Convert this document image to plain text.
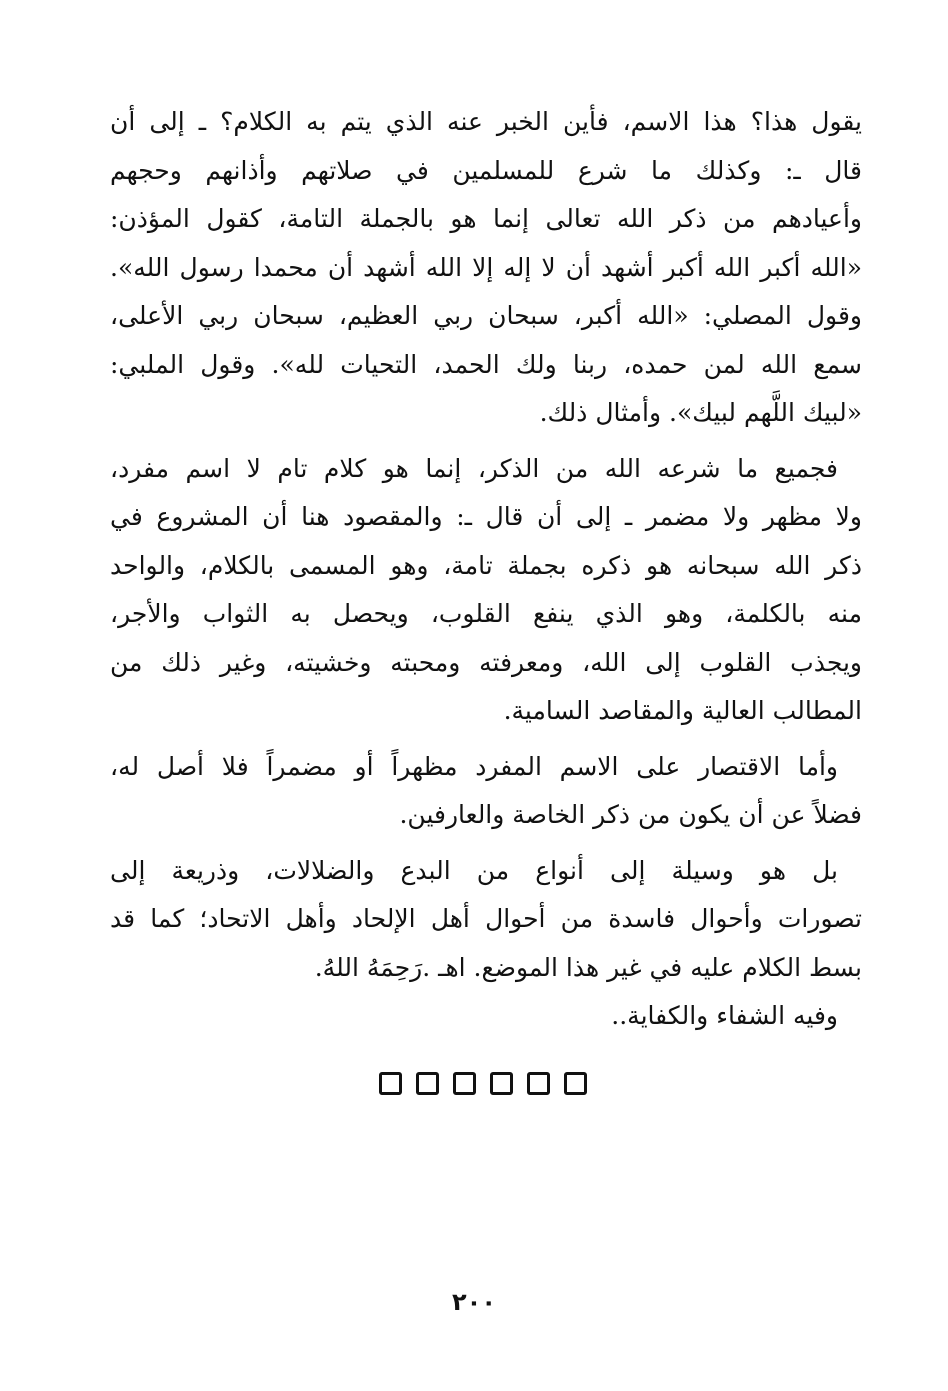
يقول هذا؟ هذا الاسم، فأين الخبر عنه الذي يتم به الكلام؟ ـ إلى أن
قال ـ: وكذلك ما شرع للمسلمين في صلاتهم وأذانهم وحجهم
وأعيادهم من ذكر الله تعالى إنما هو بالجملة التامة، كقول المؤذن:
«الله أكبر الله أكبر أشهد أن لا إله إلا الله أشهد أن محمدا رسول الله».
وقول المصلي: «الله أكبر، سبحان ربي العظيم، سبحان ربي الأعلى،
سمع الله لمن حمده، ربنا ولك الحمد، التحيات لله». وقول الملبي:
«لبيك اللَّهم لبيك». وأمثال ذلك.

فجميع ما شرعه الله من الذكر، إنما هو كلام تام لا اسم مفرد،
ولا مظهر ولا مضمر ـ إلى أن قال ـ: والمقصود هنا أن المشروع في
ذكر الله سبحانه هو ذكره بجملة تامة، وهو المسمى بالكلام، والواحد
منه بالكلمة، وهو الذي ينفع القلوب، ويحصل به الثواب والأجر،
ويجذب القلوب إلى الله، ومعرفته ومحبته وخشيته، وغير ذلك من
المطالب العالية والمقاصد السامية.

وأما الاقتصار على الاسم المفرد مظهراً أو مضمراً فلا أصل له،
فضلاً عن أن يكون من ذكر الخاصة والعارفين.

بل هو وسيلة إلى أنواع من البدع والضلالات، وذريعة إلى
تصورات وأحوال فاسدة من أحوال أهل الإلحاد وأهل الاتحاد؛ كما قد
بسط الكلام عليه في غير هذا الموضع. اهـ .رَحِمَهُ اللهُ.

وفيه الشفاء والكفاية..

٢٠٠
